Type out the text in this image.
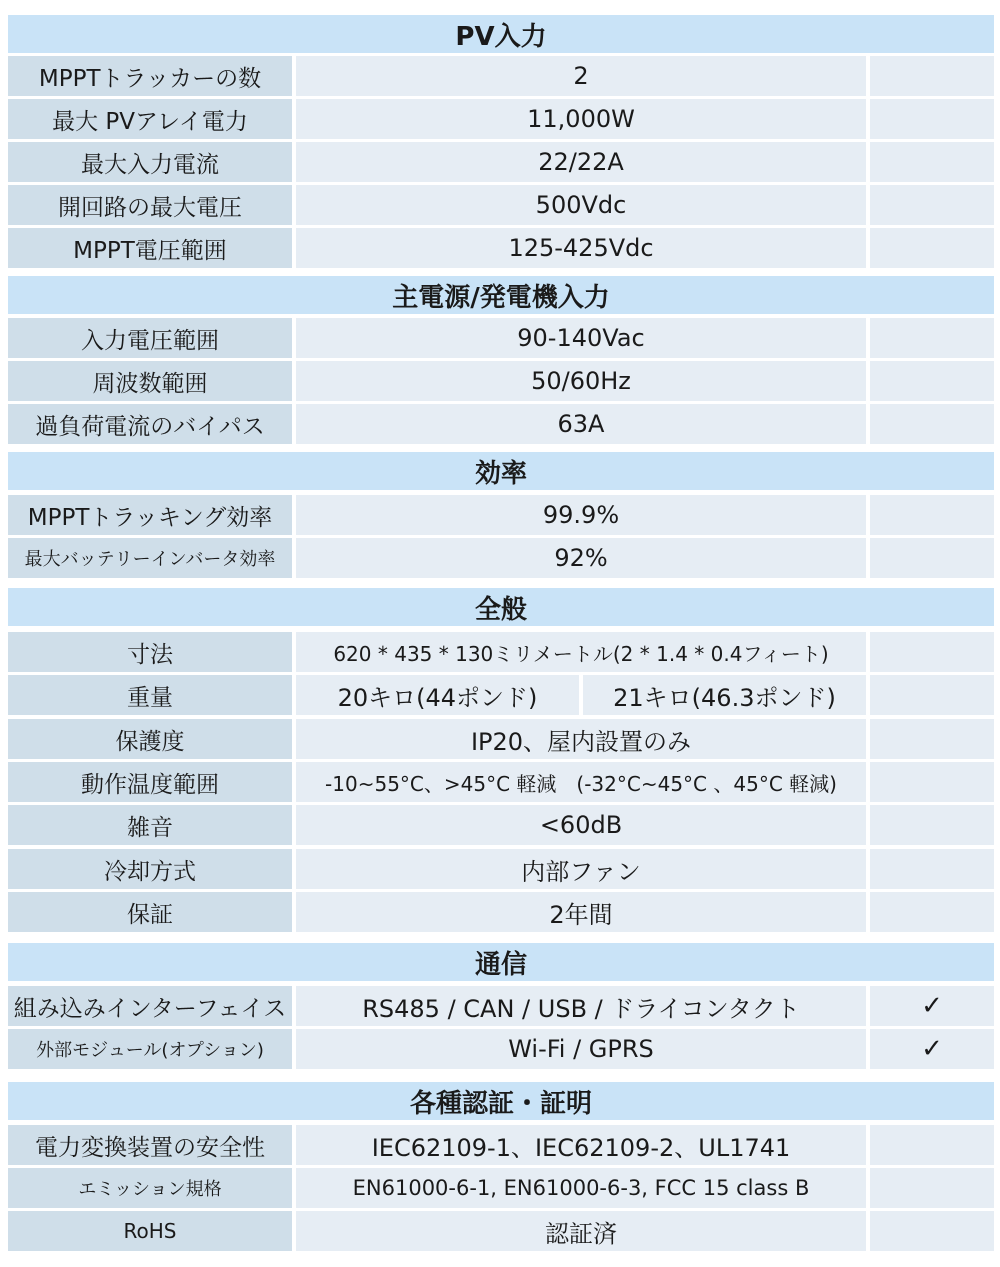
PV入力
MPPTトラッカーの数	2
最大 PVアレイ電力	11,000W
最大入力電流	22/22A
開回路の最大電圧	500Vdc
MPPT電圧範囲	125-425Vdc
主電源/発電機入力
入力電圧範囲	90-140Vac
周波数範囲	50/60Hz
過負荷電流のバイパス	63A
効率
MPPTトラッキング効率	99.9%
最大バッテリーインバータ効率	92%
全般
寸法	620 * 435 * 130ミリメートル(2 * 1.4 * 0.4フィート)
重量	20キロ(44ポンド)	21キロ(46.3ポンド)
保護度	IP20、屋内設置のみ
動作温度範囲	-10~55°C、>45°C 軽減　(-32°C~45°C 、45°C 軽減)
雑音	<60dB
冷却方式	内部ファン
保証	2年間
通信
組み込みインターフェイス	RS485 / CAN / USB / ドライコンタクト	✓
外部モジュール(オプション)	Wi-Fi / GPRS	✓
各種認証・証明
電力変換装置の安全性	IEC62109-1、IEC62109-2、UL1741
エミッション規格	EN61000-6-1, EN61000-6-3, FCC 15 class B
RoHS	認証済
